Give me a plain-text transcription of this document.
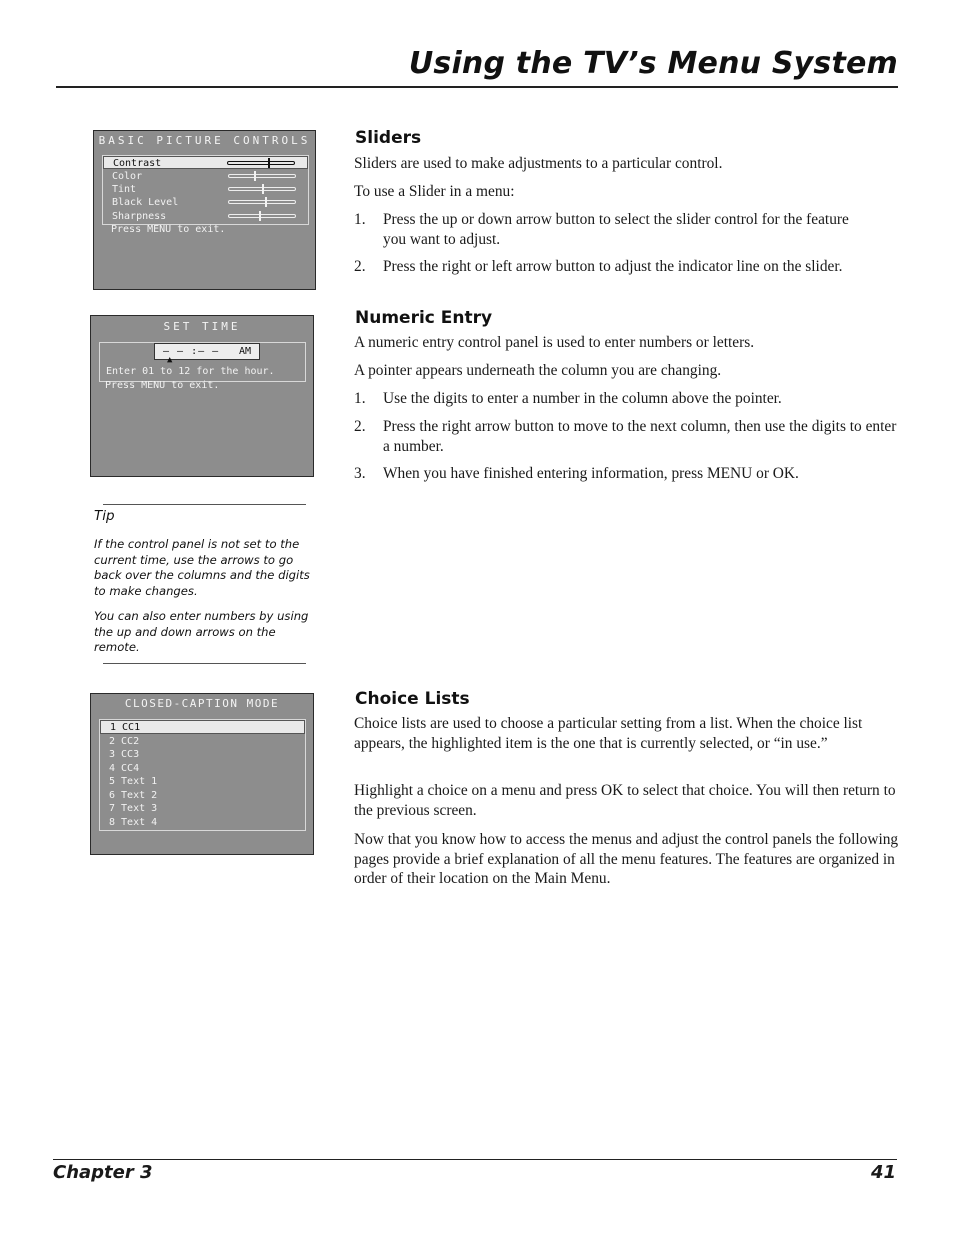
Using the TV’s Menu System
BASIC PICTURE CONTROLS
Contrast
Color
Tint
Black Level
Sharpness
Press MENU to exit.
SET TIME
— — :— — AM
▲
Enter 01 to 12 for the hour.
Press MENU to exit.
Tip
If the control panel is not set to the current time, use the arrows to go back over the columns and the digits to make changes.
You can also enter numbers by using the up and down arrows on the remote.
CLOSED-CAPTION MODE
1 CC1
2 CC2
3 CC3
4 CC4
5 Text 1
6 Text 2
7 Text 3
8 Text 4
Sliders

Sliders are used to make adjustments to a particular control.

To use a Slider in a menu:

1. Press the up or down arrow button to select the slider control for the feature you want to adjust.
2. Press the right or left arrow button to adjust the indicator line on the slider.
Numeric Entry

A numeric entry control panel is used to enter numbers or letters.

A pointer appears underneath the column you are changing.

1. Use the digits to enter a number in the column above the pointer.
2. Press the right arrow button to move to the next column, then use the digits to enter a number.
3. When you have finished entering information, press MENU or OK.
Choice Lists

Choice lists are used to choose a particular setting from a list. When the choice list appears, the highlighted item is the one that is currently selected, or “in use.”

Highlight a choice on a menu and press OK to select that choice. You will then return to the previous screen.

Now that you know how to access the menus and adjust the control panels the following pages provide a brief explanation of all the menu features. The features are organized in order of their location on the Main Menu.

Chapter 3	41
